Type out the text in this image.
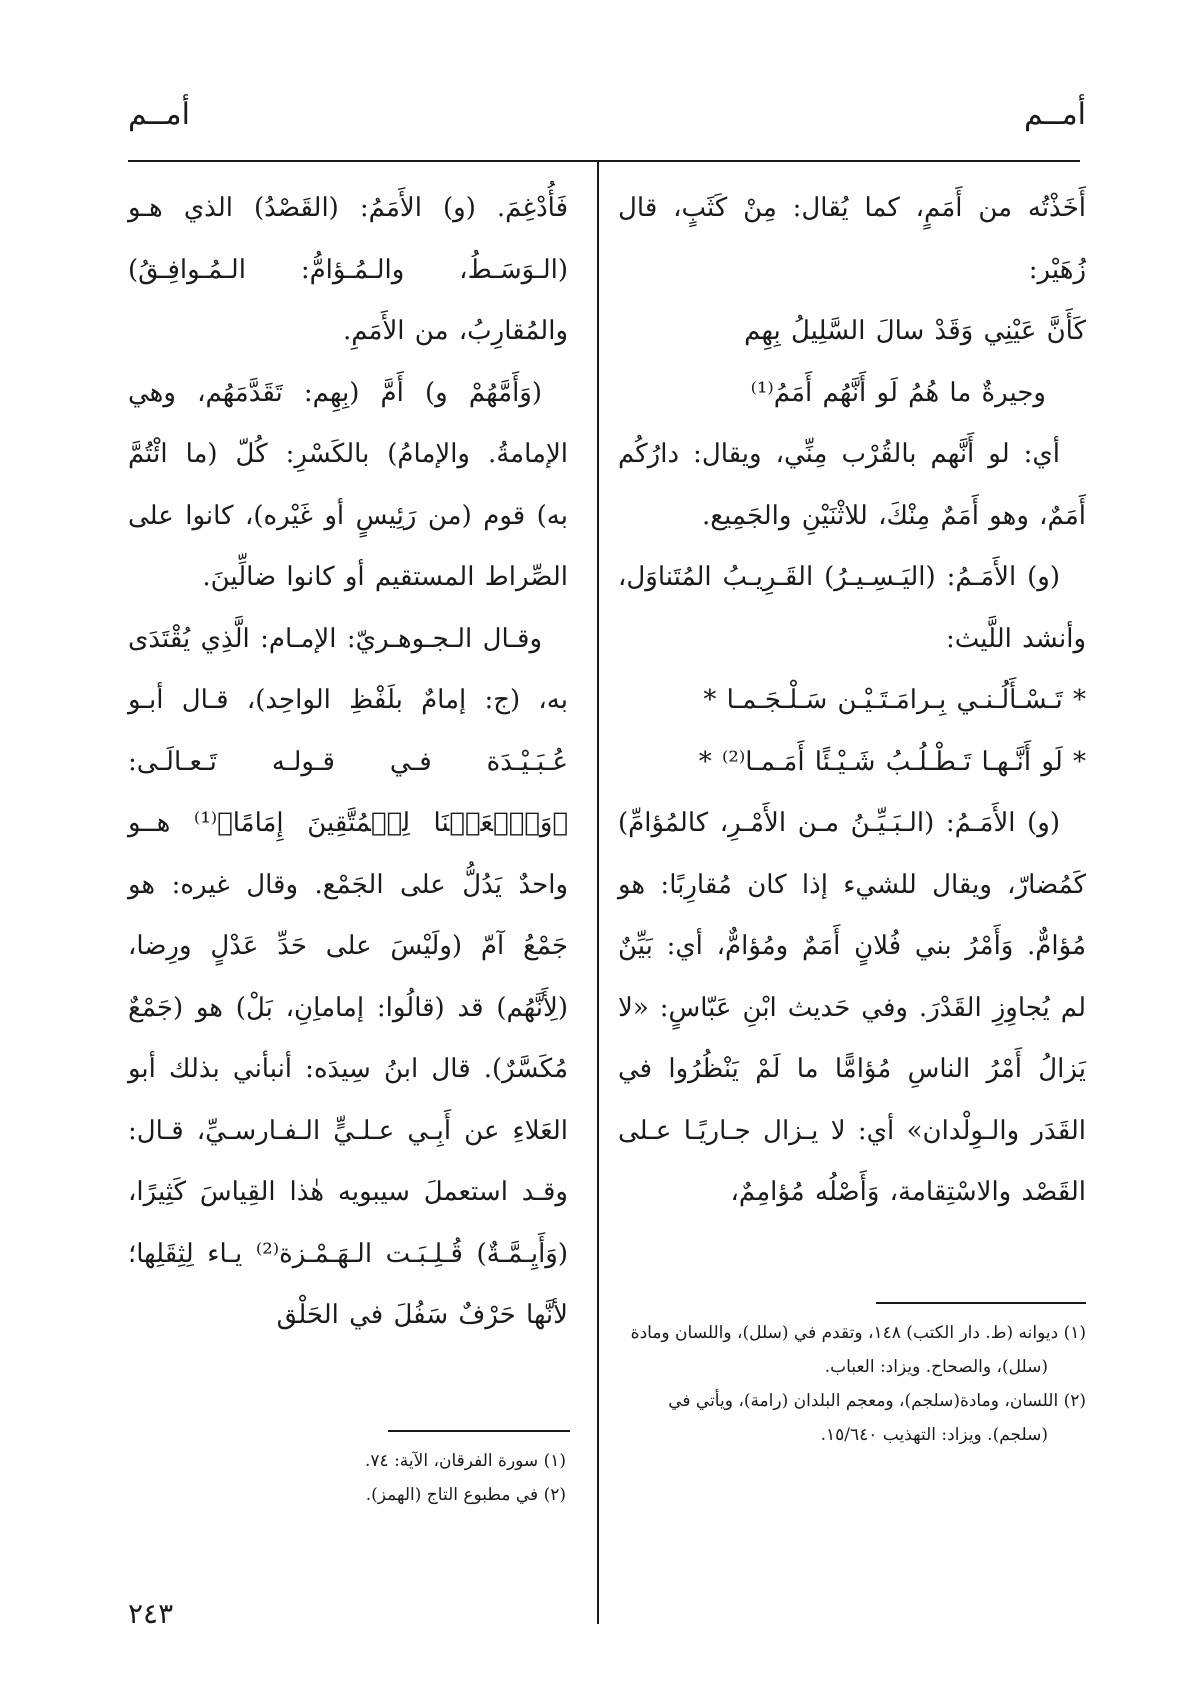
أمــم
أمــم

أَخَذْتُه من أَمَمٍ، كما يُقال: مِنْ كَثَبٍ، قال زُهَيْر:

كَأَنَّ عَيْنِي وَقَدْ سالَ السَّلِيلُ بِهِم

وجيرةٌ ما هُمُ لَو أَنَّهُم أَمَمُ⁽¹⁾

أي: لو أَنَّهم بالقُرْب مِنِّي، ويقال: دارُكُم أَمَمٌ، وهو أَمَمٌ مِنْكَ، للاثْنَيْنِ والجَمِيع.

(و) الأَمَـمُ: (اليَـسِـيـرُ) القَـرِيـبُ المُتَناوَل، وأنشد اللَّيث:

* تَـسْـأَلُـنـي بِـرامَـتَـيْـن سَـلْـجَـمـا *

* لَو أَنَّـهـا تَـطْـلُـبُ شَـيْـئًا أَمَـمـا⁽²⁾ *

(و) الأَمَـمُ: (الـبَـيِّـنُ مـن الأَمْـرِ، كالمُؤامِّ) كَمُضارّ، ويقال للشيء إذا كان مُقارِبًا: هو مُؤامٌّ. وَأَمْرُ بني فُلانٍ أَمَمٌ ومُؤامٌّ، أي: بَيِّنٌ لم يُجاوِزِ القَدْرَ. وفي حَديث ابْنِ عَبّاسٍ: «لا يَزالُ أَمْرُ الناسِ مُؤامًّا ما لَمْ يَنْظُرُوا في القَدَر والـوِلْدان» أي: لا يـزال جـاريًـا عـلى القَصْد والاسْتِقامة، وَأَصْلُه مُؤامِمٌ،

فَأُدْغِمَ. (و) الأَمَمُ: (القَصْدُ) الذي هـو (الـوَسَـطُ، والـمُـؤامُّ: الـمُـوافِـقُ) والمُقارِبُ، من الأَمَمِ.

(وَأَمَّهُمْ و) أَمَّ (بِهِم: تَقَدَّمَهُم، وهي الإمامةُ. والإمامُ) بالكَسْرِ: كُلّ (ما ائْتُمَّ به) قوم (من رَئِيسٍ أو غَيْره)، كانوا على الصِّراط المستقيم أو كانوا ضالِّينَ.

وقـال الـجـوهـريّ: الإمـام: الَّذِي يُقْتَدَى به، (ج: إمامٌ بلَفْظِ الواحِد)، قـال أبـو عُـبَـيْـدَة فـي قـولـه تَـعـالَـى: ﴿وَٱجۡعَلۡنَا لِلۡمُتَّقِينَ إِمَامًا﴾⁽¹⁾ هــو واحدٌ يَدُلُّ على الجَمْع. وقال غيره: هو جَمْعُ آمّ (ولَيْسَ على حَدِّ عَدْلٍ ورِضا، (لِأَنَّهُم) قد (قالُوا: إماماِنِ، بَلْ) هو (جَمْعٌ مُكَسَّرٌ). قال ابنُ سِيدَه: أنبأني بذلك أبو العَلاءِ عن أَبِـي عـلـيٍّ الـفـارسـيِّ، قـال: وقـد استعملَ سيبويه هٰذا القِياسَ كَثِيرًا، (وَأَيِـمَّـةٌ) قُـلِـبَـت الـهَـمْـزة⁽²⁾ يـاء لِثِقَلِها؛ لأنَّها حَرْفٌ سَفُلَ في الحَلْق

(١) ديوانه (ط. دار الكتب) ١٤٨، وتقدم في (سلل)، واللسان ومادة (سلل)، والصحاح. ويزاد: العباب.

(٢) اللسان، ومادة(سلجم)، ومعجم البلدان (رامة)، ويأتي في (سلجم). ويزاد: التهذيب ١٥/٦٤٠.

(١) سورة الفرقان، الآية: ٧٤.

(٢) في مطبوع التاج (الهمز).

٢٤٣
